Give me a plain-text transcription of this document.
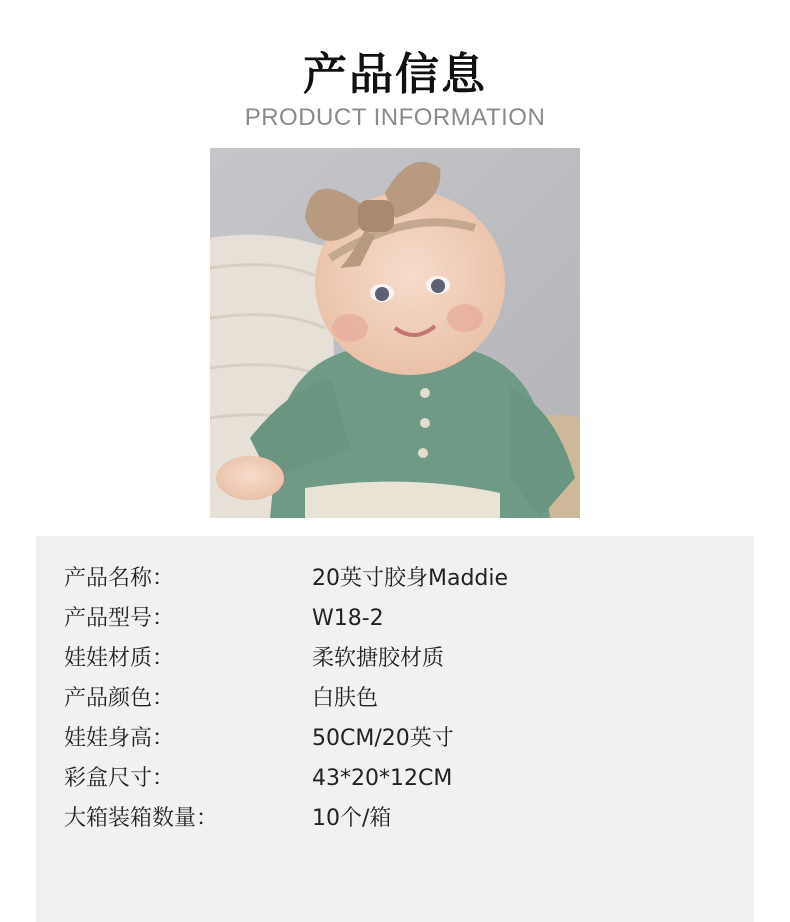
产品信息
PRODUCT INFORMATION
产品名称：	20英寸胶身Maddie
产品型号：	W18-2
娃娃材质：	柔软搪胶材质
产品颜色：	白肤色
娃娃身高：	50CM/20英寸
彩盒尺寸：	43*20*12CM
大箱装箱数量：	10个/箱
